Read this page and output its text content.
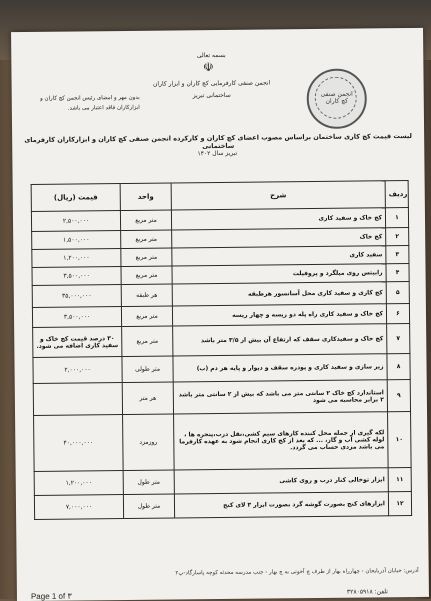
بسمه تعالی
☫
انجمن صنفی کارفرمایی کچ کاران و ابزار کاران
ساختمانی تبریز	انجمن صنفی کچ کاران
بدون مهر و امضای رئیس انجمن کچ کاران و ابزارکاران فاقد اعتبار می باشد.
لیست قیمت کچ کاری ساختمان براساس مصوب اعضای کچ کاران و کارکرده انجمن صنفی کچ کاران و ابزارکاران کارفرمای ساختمانی
تبریز سال ۱۴۰۲
قیمت (ریال)	واحد	شرح	ردیف
۲,۵۰۰,۰۰۰	متر مربع	کچ خاک و سفید کاری	۱
۱,۵۰۰,۰۰۰	متر مربع	کچ خاک	۲
۱,۲۰۰,۰۰۰	متر مربع	سفید کاری	۳
۳,۵۰۰,۰۰۰	متر مربع	رابیتس روی میلگرد و پروفیلت	۴
۳۵,۰۰۰,۰۰۰	هر طبقه	کچ کاری و سفید کاری محل آسانسور هرطبقه	۵
۳,۵۰۰,۰۰۰	متر مربع	کچ خاک و سفید کاری راه پله دو ریسه و چهار ریسه	۶
۳۰ درصد قیمت کچ خاک و سفید کاری اضافه می شود.	متر مربع	کچ خاک و سفیدکاری سقف که ارتفاع آن بیش از ۳/۵ متر باشد	۷
۲,۰۰۰,۰۰۰	متر طولی	زیر سازی و سفید کاری و پودره سقف و دیوار و پایه هر دم (ب)	۸
	هر متر	استاندارد کچ خاک ۲ سانتی متر می باشد که بیش از ۲ سانتی متر باشد ۲ برابر محاسبه می شود	۹
۴۰,۰۰۰,۰۰۰	روزمزد	لکه گیری از جمله محل کننده کارهای سیم کشی،نقل درب،پنجره ها ، لوله کشی آب و گاز، ... که بعد از کچ کاری انجام شود به عهده کارفرما می باشد مزدی حساب می گردد.	۱۰
۱,۲۰۰,۰۰۰	متر طول	ابزار توخالی کنار درب و روی کاشی	۱۱
۷,۰۰۰,۰۰۰	متر طول	ابزارهای کنج بصورت گوشه گرد بصورت ابزار ۳ لای کنج	۱۲
آدرس: خیابان آذربایجان - چهارراه بهار از طرف چ آخونی به چ بهار - جنب مدرسه محدثه کوچه پاسارگاد-پ۲
Page 1 of ۳	تلفن: ۳۲۸۰۵۹۱۸
